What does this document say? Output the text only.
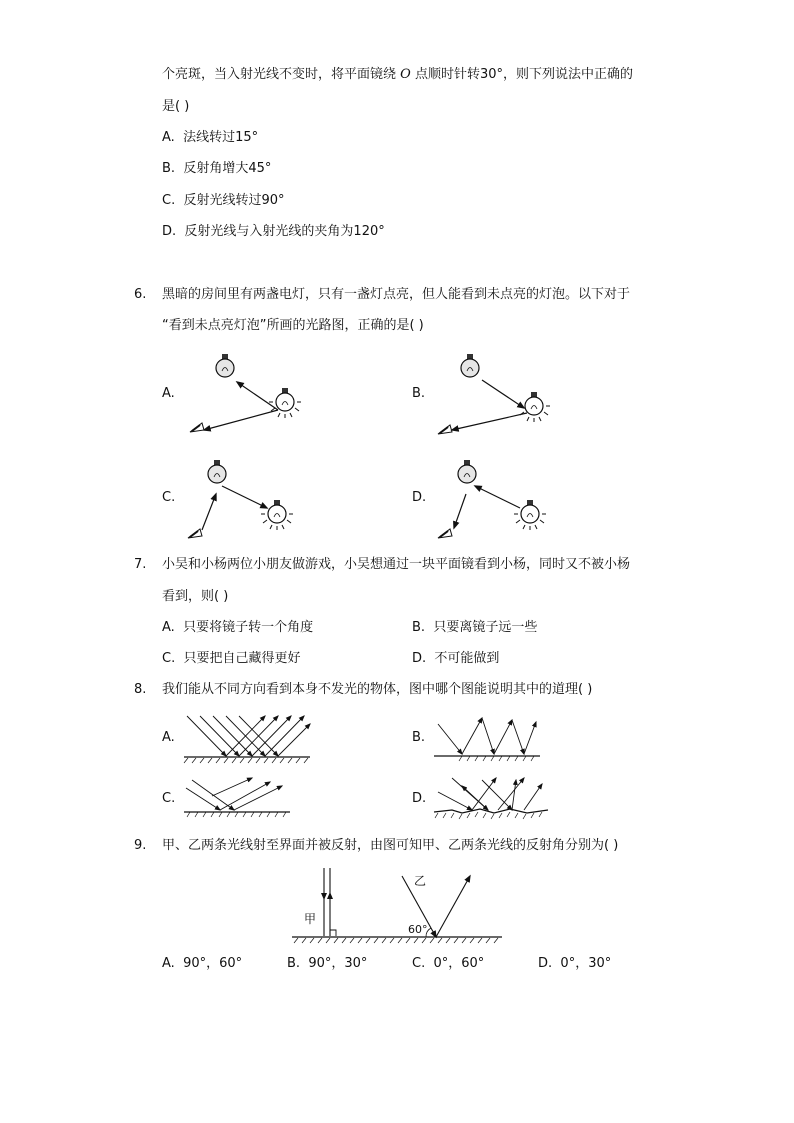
个亮斑，当入射光线不变时，将平面镜绕 O 点顺时针转30°，则下列说法中正确的
是( )
A. 法线转过15°
B. 反射角增大45°
C. 反射光线转过90°
D. 反射光线与入射光线的夹角为120°
6. 黑暗的房间里有两盏电灯，只有一盏灯点亮，但人能看到未点亮的灯泡。以下对于
“看到未点亮灯泡”所画的光路图，正确的是( )
A.	B.
C.	D.
7. 小吴和小杨两位小朋友做游戏，小吴想通过一块平面镜看到小杨，同时又不被小杨
看到，则( )
A. 只要将镜子转一个角度	B. 只要离镜子远一些
C. 只要把自己藏得更好	D. 不可能做到
8. 我们能从不同方向看到本身不发光的物体，图中哪个图能说明其中的道理( )
A.	B.
C.	D.
9. 甲、乙两条光线射至界面并被反射，由图可知甲、乙两条光线的反射角分别为( )
甲
乙
60°
A. 90°，60°	B. 90°，30°	C. 0°，60°	D. 0°，30°
